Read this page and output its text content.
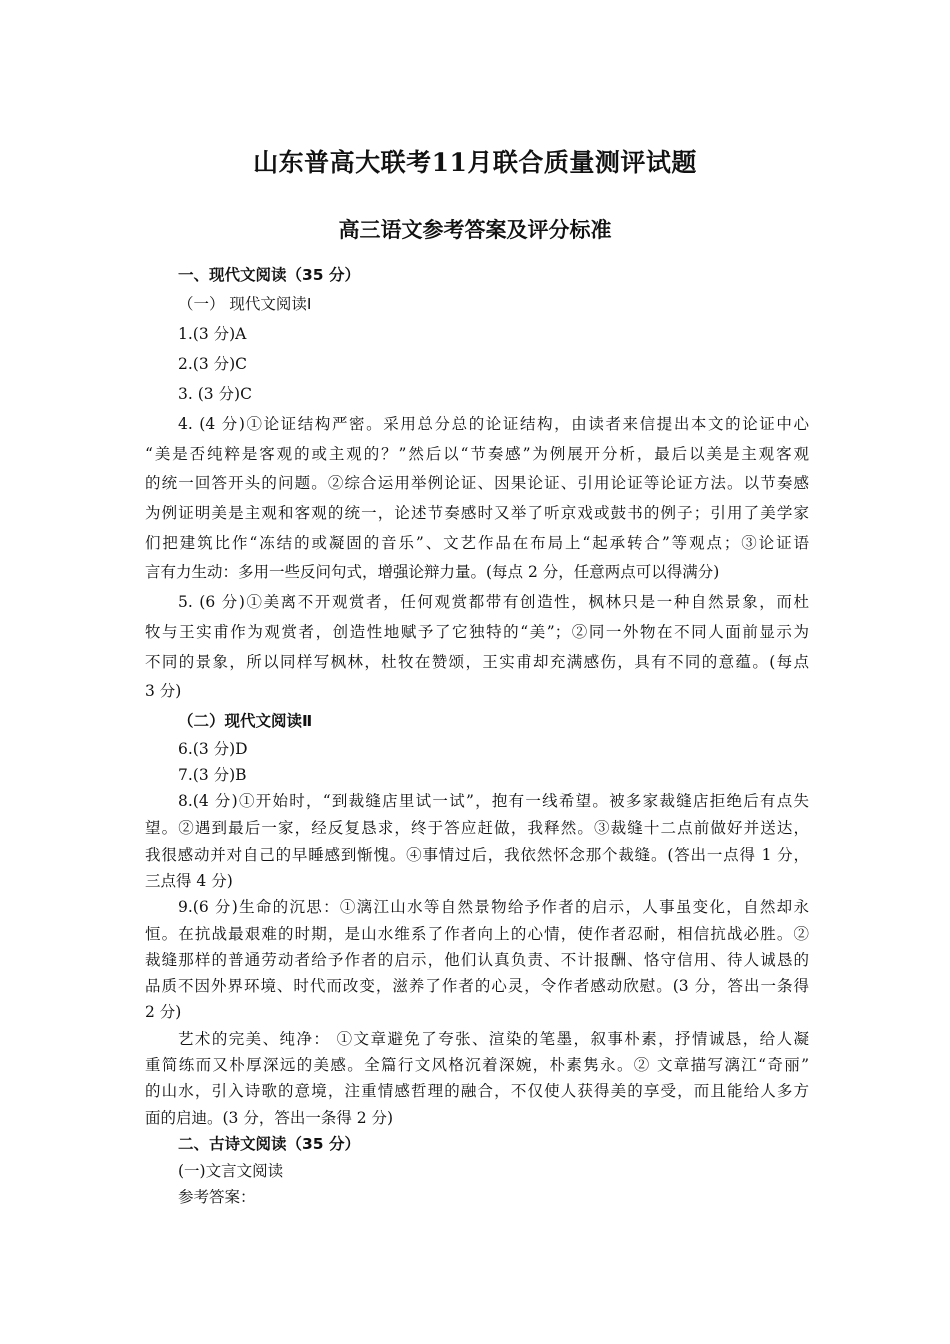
山东普高大联考11月联合质量测评试题
高三语文参考答案及评分标准
一、现代文阅读（35 分）
（一） 现代文阅读Ⅰ
1.(3 分)A
2.(3 分)C
3. (3 分)C
4. (4 分)①论证结构严密。采用总分总的论证结构，由读者来信提出本文的论证中心
“美是否纯粹是客观的或主观的？”然后以“节奏感”为例展开分析，最后以美是主观客观
的统一回答开头的问题。②综合运用举例论证、因果论证、引用论证等论证方法。以节奏感
为例证明美是主观和客观的统一，论述节奏感时又举了听京戏或鼓书的例子；引用了美学家
们把建筑比作“冻结的或凝固的音乐”、文艺作品在布局上“起承转合”等观点；③论证语
言有力生动：多用一些反问句式，增强论辩力量。(每点 2 分，任意两点可以得满分)
5. (6 分)①美离不开观赏者，任何观赏都带有创造性，枫林只是一种自然景象，而杜
牧与王实甫作为观赏者，创造性地赋予了它独特的“美”；②同一外物在不同人面前显示为
不同的景象，所以同样写枫林，杜牧在赞颂，王实甫却充满感伤，具有不同的意蕴。(每点
3 分)
（二）现代文阅读Ⅱ
6.(3 分)D
7.(3 分)B
8.(4 分)①开始时，“到裁缝店里试一试”，抱有一线希望。被多家裁缝店拒绝后有点失
望。②遇到最后一家，经反复恳求，终于答应赶做，我释然。③裁缝十二点前做好并送达，
我很感动并对自己的早睡感到惭愧。④事情过后，我依然怀念那个裁缝。(答出一点得 1 分，
三点得 4 分)
9.(6 分)生命的沉思：①漓江山水等自然景物给予作者的启示，人事虽变化，自然却永
恒。在抗战最艰难的时期，是山水维系了作者向上的心情，使作者忍耐，相信抗战必胜。②
裁缝那样的普通劳动者给予作者的启示，他们认真负责、不计报酬、恪守信用、待人诚恳的
品质不因外界环境、时代而改变，滋养了作者的心灵，令作者感动欣慰。(3 分，答出一条得
2 分)
艺术的完美、纯净： ①文章避免了夸张、渲染的笔墨，叙事朴素，抒情诚恳，给人凝
重简练而又朴厚深远的美感。全篇行文风格沉着深婉，朴素隽永。② 文章描写漓江“奇丽”
的山水，引入诗歌的意境，注重情感哲理的融合，不仅使人获得美的享受，而且能给人多方
面的启迪。(3 分，答出一条得 2 分)
二、古诗文阅读（35 分）
(一)文言文阅读
参考答案：
